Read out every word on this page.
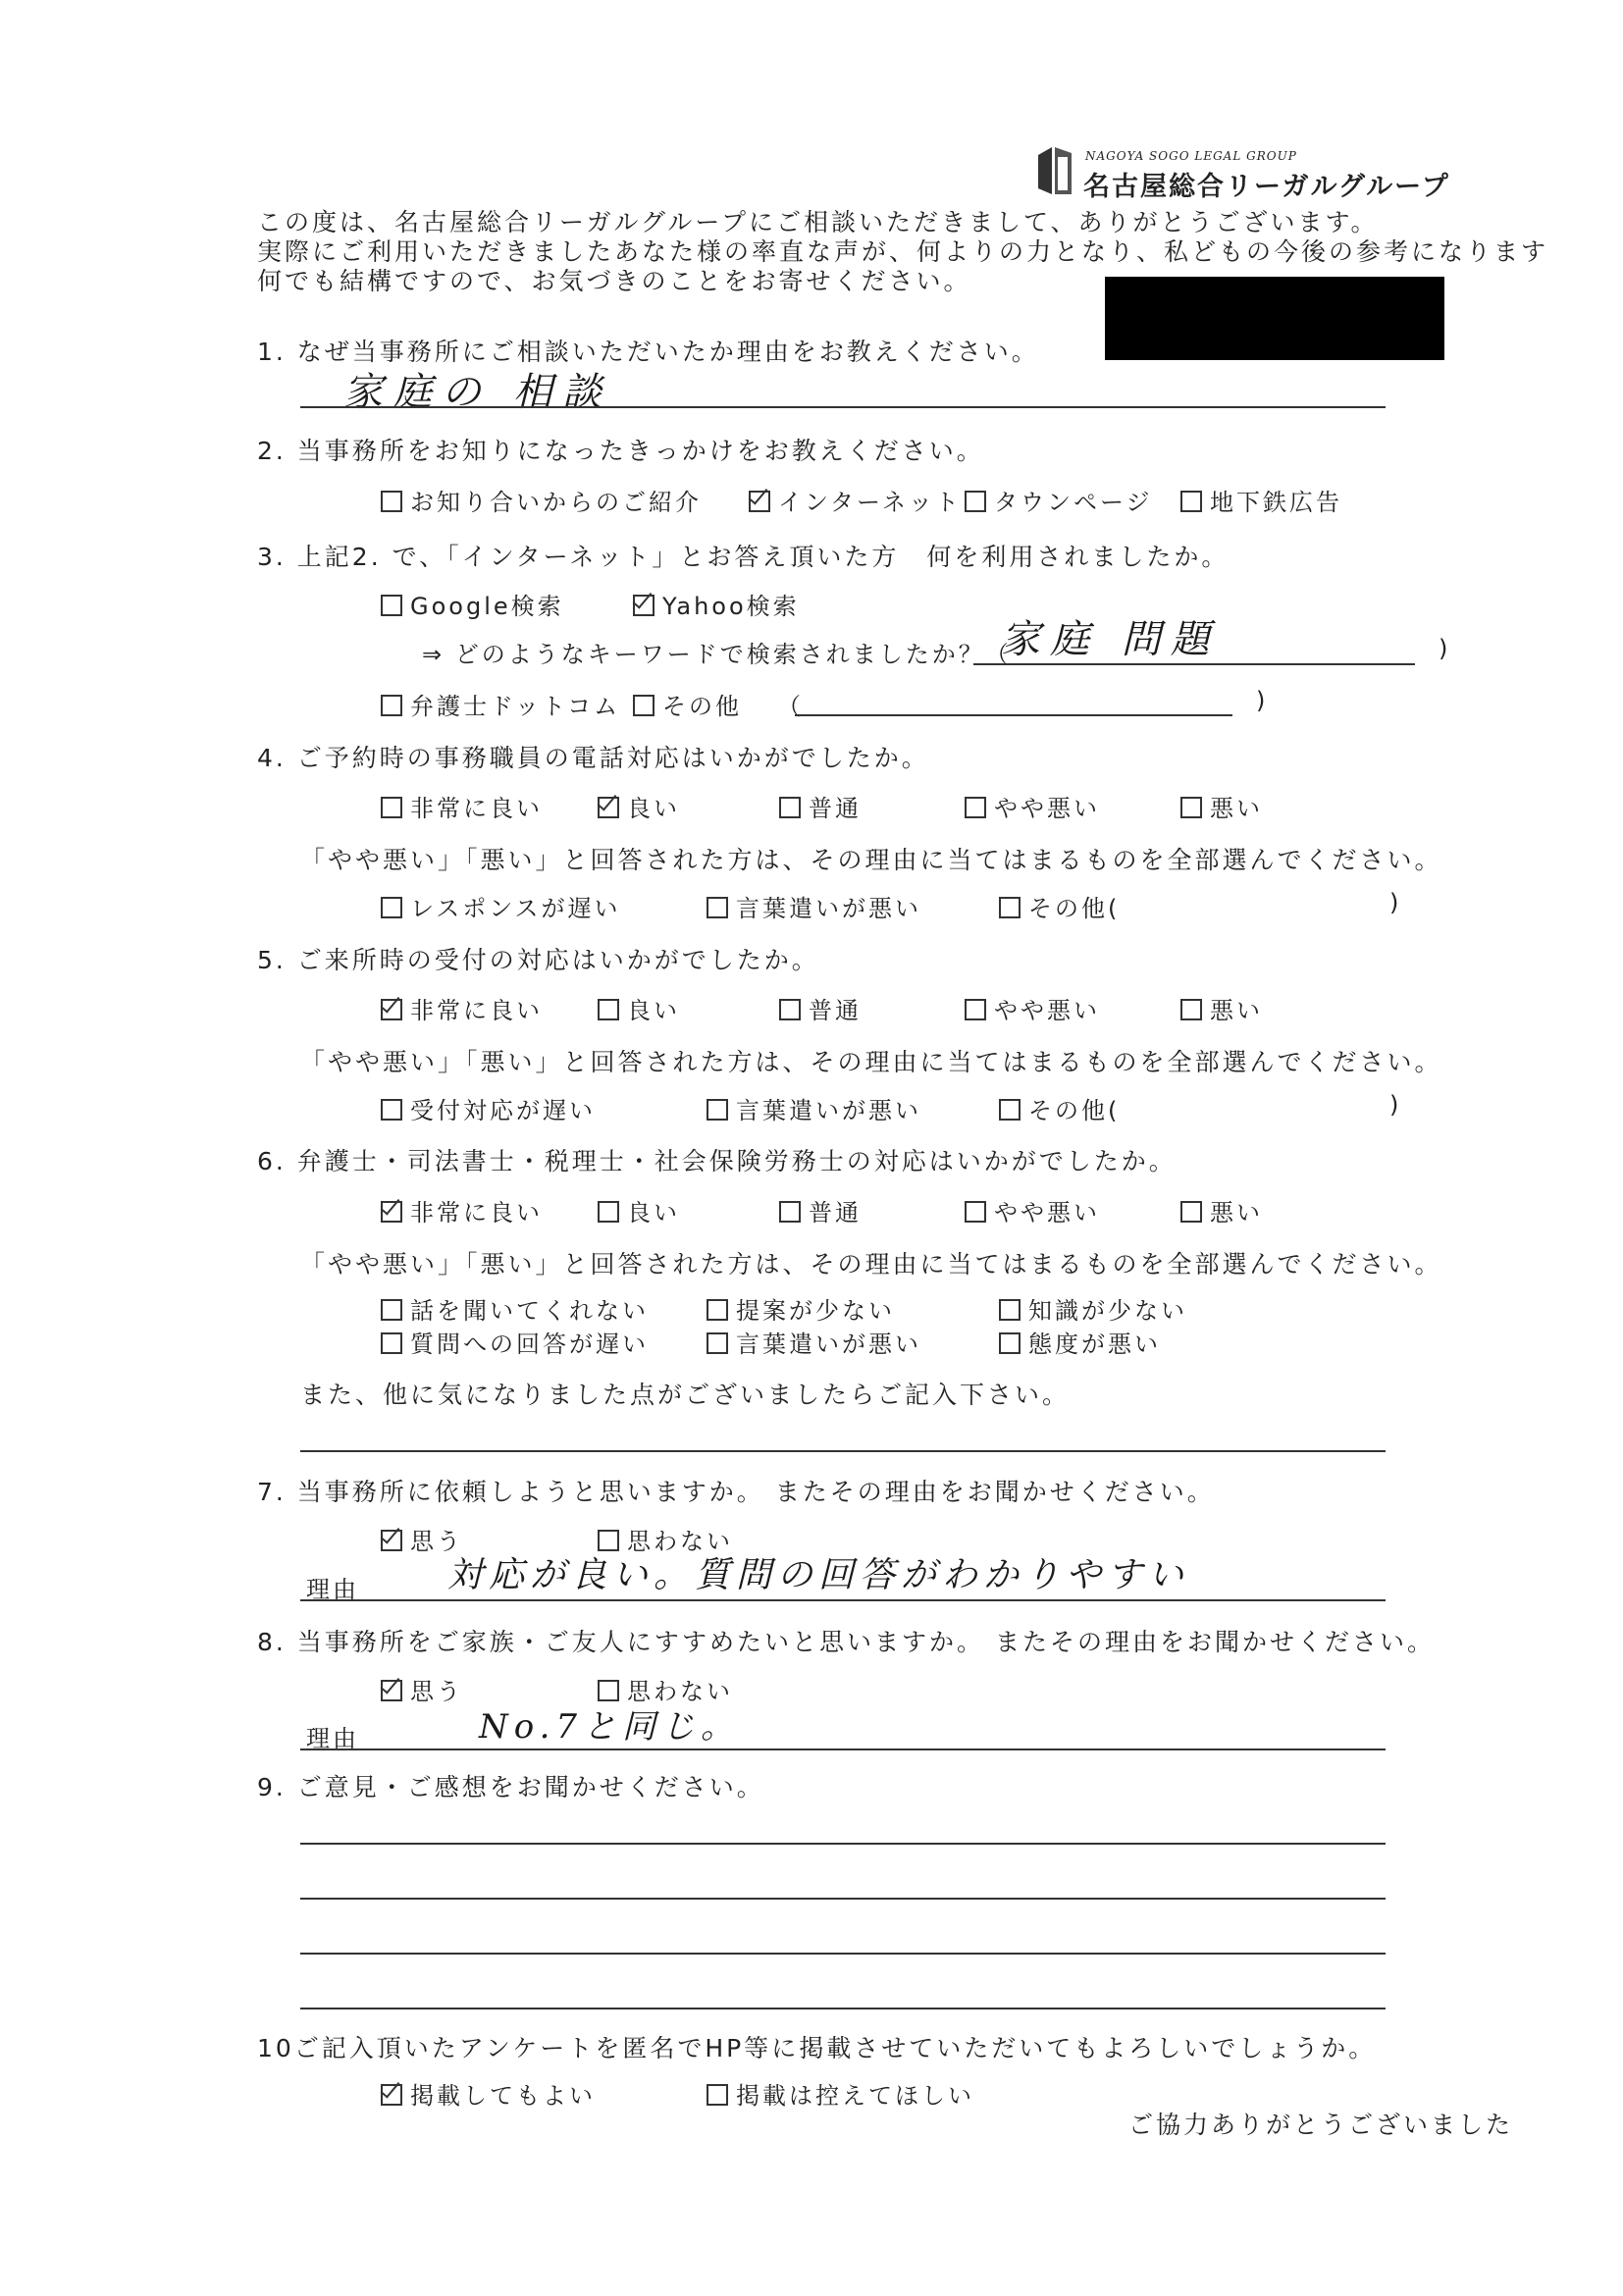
NAGOYA SOGO LEGAL GROUP
名古屋総合リーガルグループ
この度は、名古屋総合リーガルグループにご相談いただきまして、ありがとうございます。
実際にご利用いただきましたあなた様の率直な声が、何よりの力となり、私どもの今後の参考になります
何でも結構ですので、お気づきのことをお寄せください。
1. なぜ当事務所にご相談いただいたか理由をお教えください。
家庭の 相談
2. 当事務所をお知りになったきっかけをお教えください。
お知り合いからのご紹介	インターネット	タウンページ	地下鉄広告
3. 上記2. で、「インターネット」とお答え頂いた方　何を利用されましたか。
Google検索	Yahoo検索
⇒ どのようなキーワードで検索されましたか？（
家庭 問題	)
弁護士ドットコム	その他 （	)
4. ご予約時の事務職員の電話対応はいかがでしたか。
非常に良い	良い	普通	やや悪い	悪い
「やや悪い」「悪い」と回答された方は、その理由に当てはまるものを全部選んでください。
レスポンスが遅い	言葉遣いが悪い	その他(	)
5. ご来所時の受付の対応はいかがでしたか。
非常に良い	良い	普通	やや悪い	悪い
「やや悪い」「悪い」と回答された方は、その理由に当てはまるものを全部選んでください。
受付対応が遅い	言葉遣いが悪い	その他(	)
6. 弁護士・司法書士・税理士・社会保険労務士の対応はいかがでしたか。
非常に良い	良い	普通	やや悪い	悪い
「やや悪い」「悪い」と回答された方は、その理由に当てはまるものを全部選んでください。
話を聞いてくれない	提案が少ない	知識が少ない
質問への回答が遅い	言葉遣いが悪い	態度が悪い
また、他に気になりました点がございましたらご記入下さい。
7. 当事務所に依頼しようと思いますか。 またその理由をお聞かせください。
思う	思わない
理由	対応が良い。質問の回答がわかりやすい
8. 当事務所をご家族・ご友人にすすめたいと思いますか。 またその理由をお聞かせください。
思う	思わない
理由	No.7と同じ。
9. ご意見・ご感想をお聞かせください。
10ご記入頂いたアンケートを匿名でHP等に掲載させていただいてもよろしいでしょうか。
掲載してもよい	掲載は控えてほしい
ご協力ありがとうございました
